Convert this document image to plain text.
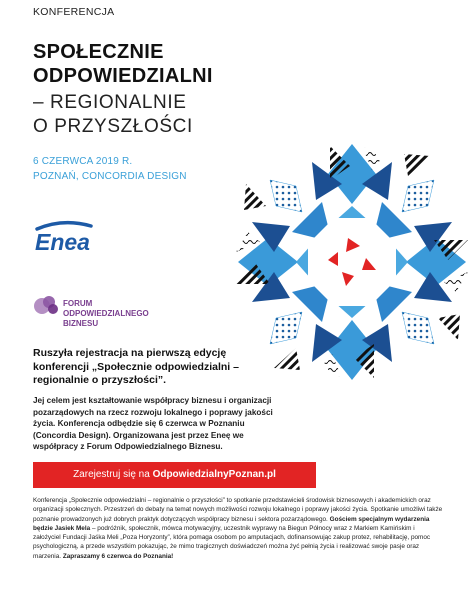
KONFERENCJA
SPOŁECZNIE
ODPOWIEDZIALNI
– REGIONALNIE
O PRZYSZŁOŚCI
6 CZERWCA 2019 R.
POZNAŃ, CONCORDIA DESIGN
Enea
FORUM
ODPOWIEDZIALNEGO
BIZNESU
Ruszyła rejestracja na pierwszą edycję konferencji „Społecznie odpowiedzialni – regionalnie o przyszłości”.
Jej celem jest kształtowanie współpracy biznesu i organizacji pozarządowych na rzecz rozwoju lokalnego i poprawy jakości życia. Konferencja odbędzie się 6 czerwca w Poznaniu (Concordia Design). Organizowana jest przez Eneę we współpracy z Forum Odpowiedzialnego Biznesu.
Zarejestruj się na OdpowiedzialnyPoznan.pl
Konferencja „Społecznie odpowiedzialni – regionalnie o przyszłości” to spotkanie przedstawicieli środowisk biznesowych i akademickich oraz organizacji społecznych. Przestrzeń do debaty na temat nowych możliwości rozwoju lokalnego i poprawy jakości życia. Spotkanie umożliwi także poznanie prowadzonych już dobrych praktyk dotyczących współpracy biznesu i sektora pozarządowego. Gościem specjalnym wydarzenia będzie Jasiek Mela – podróżnik, społecznik, mówca motywacyjny, uczestnik wyprawy na Biegun Północy wraz z Markiem Kamińskim i założyciel Fundacji Jaśka Meli „Poza Horyzonty”, która pomaga osobom po amputacjach, dofinansowując zakup protez, rehabilitację, pomoc psychologiczną, a przede wszystkim pokazując, że mimo tragicznych doświadczeń można żyć pełnią życia i realizować swoje pasje oraz marzenia. Zapraszamy 6 czerwca do Poznania!
